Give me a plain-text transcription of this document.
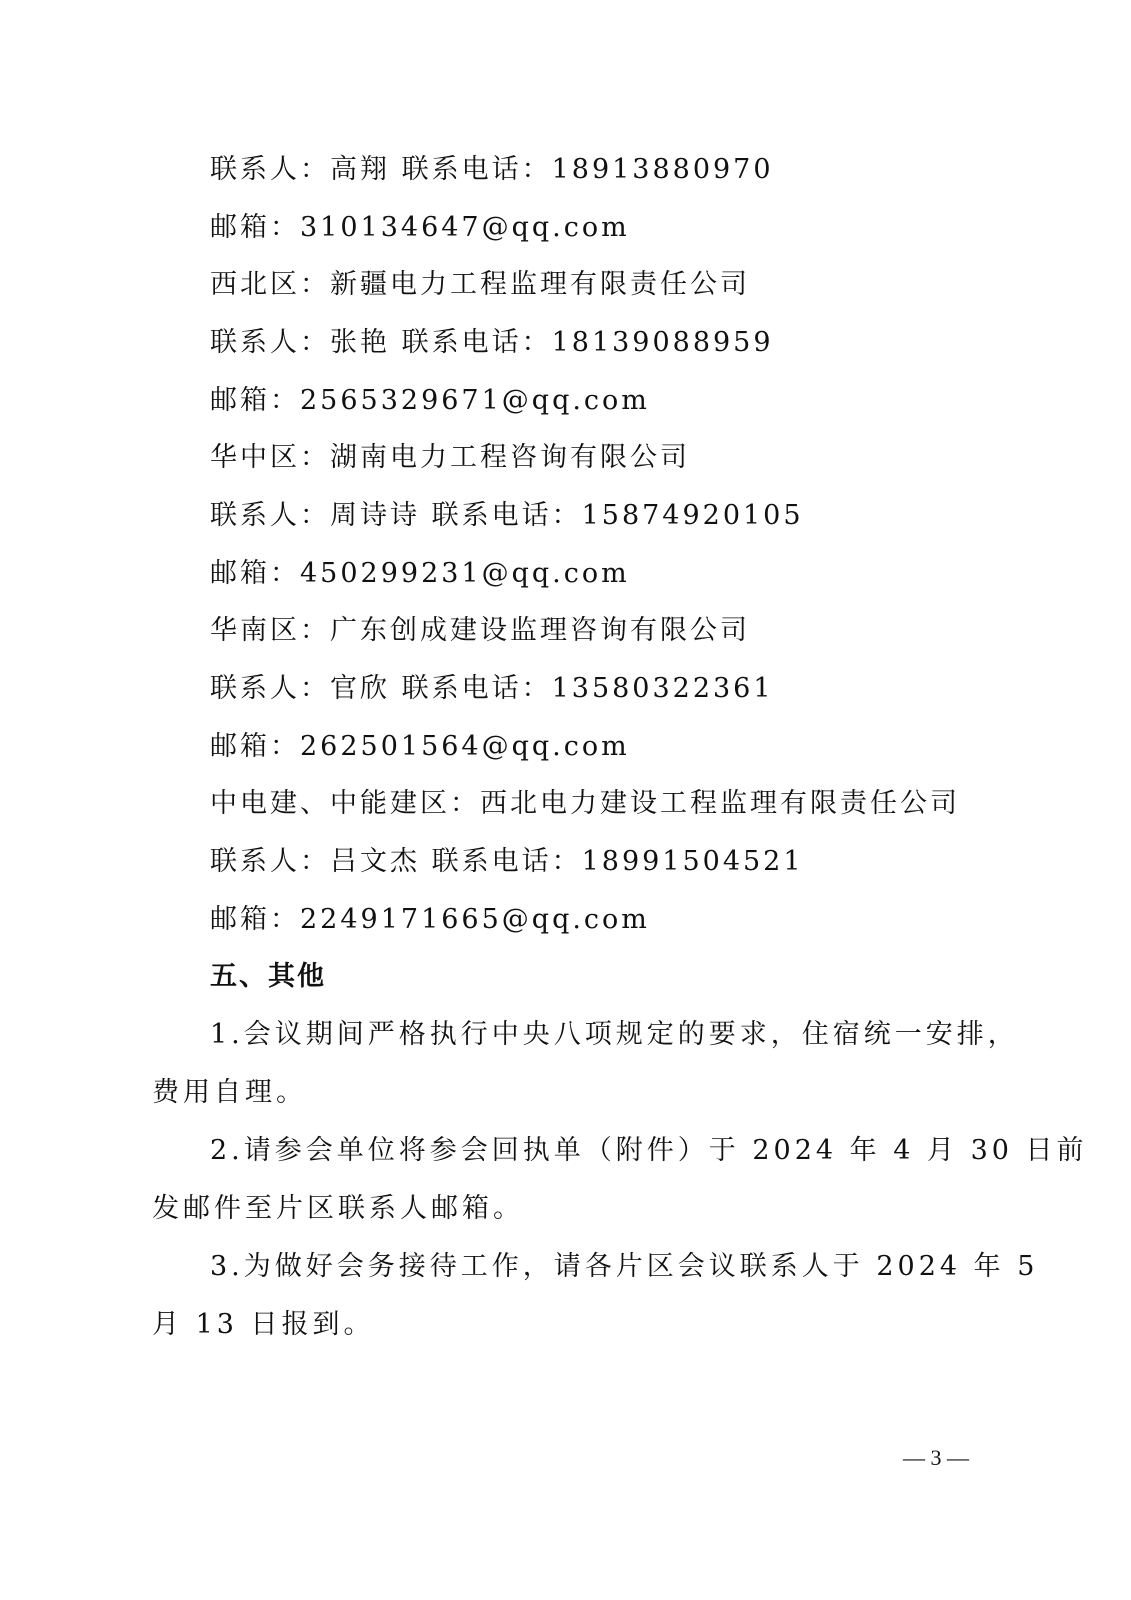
联系人：高翔 联系电话：18913880970
邮箱：310134647@qq.com
西北区：新疆电力工程监理有限责任公司
联系人：张艳 联系电话：18139088959
邮箱：2565329671@qq.com
华中区：湖南电力工程咨询有限公司
联系人：周诗诗 联系电话：15874920105
邮箱：450299231@qq.com
华南区：广东创成建设监理咨询有限公司
联系人：官欣 联系电话：13580322361
邮箱：262501564@qq.com
中电建、中能建区：西北电力建设工程监理有限责任公司
联系人：吕文杰 联系电话：18991504521
邮箱：2249171665@qq.com
五、其他
1.会议期间严格执行中央八项规定的要求，住宿统一安排，
费用自理。
2.请参会单位将参会回执单（附件）于 2024 年 4 月 30 日前
发邮件至片区联系人邮箱。
3.为做好会务接待工作，请各片区会议联系人于 2024 年 5
月 13 日报到。
— 3 —
